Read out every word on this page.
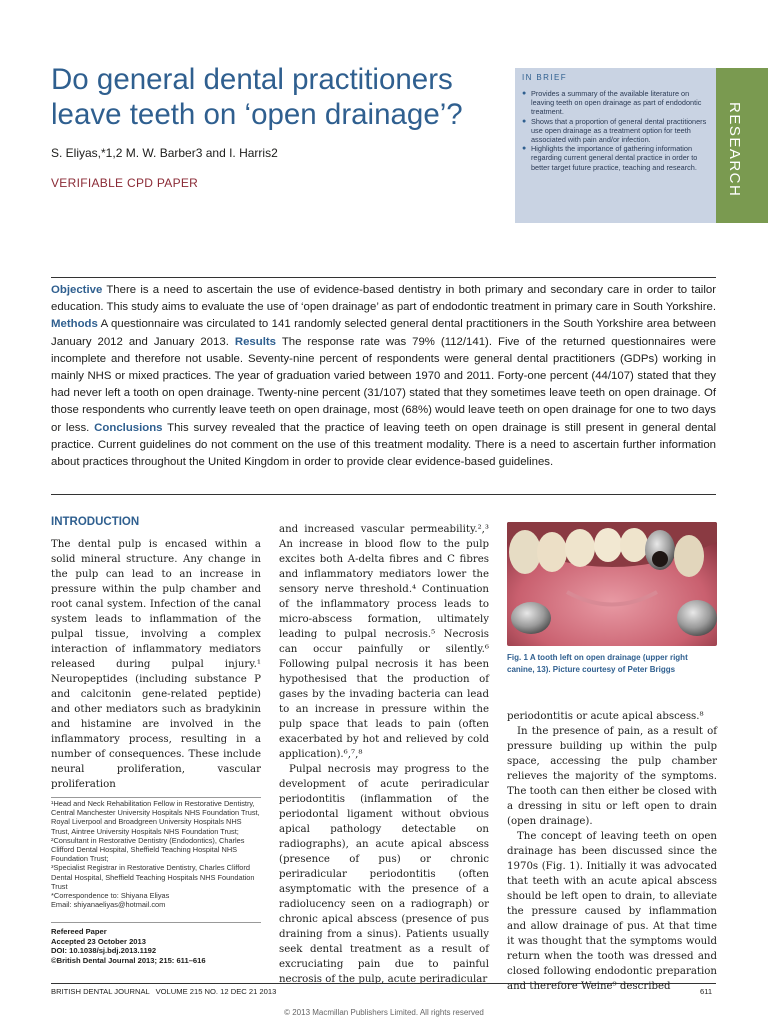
Do general dental practitioners leave teeth on ‘open drainage’?
S. Eliyas,*1,2 M. W. Barber3 and I. Harris2
VERIFIABLE CPD PAPER
IN BRIEF
● Provides a summary of the available literature on leaving teeth on open drainage as part of endodontic treatment.
● Shows that a proportion of general dental practitioners use open drainage as a treatment option for teeth associated with pain and/or infection.
● Highlights the importance of gathering information regarding current general dental practice in order to better target future practice, teaching and research.	RESEARCH
Objective There is a need to ascertain the use of evidence-based dentistry in both primary and secondary care in order to tailor education. This study aims to evaluate the use of ‘open drainage’ as part of endodontic treatment in primary care in South Yorkshire. Methods A questionnaire was circulated to 141 randomly selected general dental practitioners in the South Yorkshire area between January 2012 and January 2013. Results The response rate was 79% (112/141). Five of the returned questionnaires were incomplete and therefore not usable. Seventy-nine percent of respondents were general dental practitioners (GDPs) working in mainly NHS or mixed practices. The year of graduation varied between 1970 and 2011. Forty-one percent (44/107) stated that they had never left a tooth on open drainage. Twenty-nine percent (31/107) stated that they sometimes leave teeth on open drainage. Of those respondents who currently leave teeth on open drainage, most (68%) would leave teeth on open drainage for one to two days or less. Conclusions This survey revealed that the practice of leaving teeth on open drainage is still present in general dental practice. Current guidelines do not comment on the use of this treatment modality. There is a need to ascertain further information about practices throughout the United Kingdom in order to provide clear evidence-based guidelines.
INTRODUCTION

The dental pulp is encased within a solid mineral structure. Any change in the pulp can lead to an increase in pressure within the pulp chamber and root canal system. Infection of the canal system leads to inflammation of the pulpal tissue, involving a complex interaction of inflammatory mediators released during pulpal injury.¹ Neuropeptides (including substance P and calcitonin gene-related peptide) and other mediators such as bradykinin and histamine are involved in the inflammatory process, resulting in a number of consequences. These include neural proliferation, vascular proliferation

¹Head and Neck Rehabilitation Fellow in Restorative Dentistry, Central Manchester University Hospitals NHS Foundation Trust, Royal Liverpool and Broadgreen University Hospitals NHS Trust, Aintree University Hospitals NHS Foundation Trust; ²Consultant in Restorative Dentistry (Endodontics), Charles Clifford Dental Hospital, Sheffield Teaching Hospital NHS Foundation Trust;
³Specialist Registrar in Restorative Dentistry, Charles Clifford Dental Hospital, Sheffield Teaching Hospitals NHS Foundation Trust
*Correspondence to: Shiyana Eliyas
Email: shiyanaeliyas@hotmail.com
Refereed Paper
Accepted 23 October 2013
DOI: 10.1038/sj.bdj.2013.1192
©British Dental Journal 2013; 215: 611–616

and increased vascular permeability.²,³ An increase in blood flow to the pulp excites both A-delta fibres and C fibres and inflammatory mediators lower the sensory nerve threshold.⁴ Continuation of the inflammatory process leads to micro-abscess formation, ultimately leading to pulpal necrosis.⁵ Necrosis can occur painfully or silently.⁶ Following pulpal necrosis it has been hypothesised that the production of gases by the invading bacteria can lead to an increase in pressure within the pulp space that leads to pain (often exacerbated by hot and relieved by cold application).⁶,⁷,⁸

Pulpal necrosis may progress to the development of acute periradicular periodontitis (inflammation of the periodontal ligament without obvious apical pathology detectable on radiographs), an acute apical abscess (presence of pus) or chronic periradicular periodontitis (often asymptomatic with the presence of a radiolucency seen on a radiograph) or chronic apical abscess (presence of pus draining from a sinus). Patients usually seek dental treatment as a result of excruciating pain due to painful necrosis of the pulp, acute periradicular

Fig. 1 A tooth left on open drainage (upper right canine, 13). Picture courtesy of Peter Briggs

periodontitis or acute apical abscess.⁸

In the presence of pain, as a result of pressure building up within the pulp space, accessing the pulp chamber relieves the majority of the symptoms. The tooth can then either be closed with a dressing in situ or left open to drain (open drainage).

The concept of leaving teeth on open drainage has been discussed since the 1970s (Fig. 1). Initially it was advocated that teeth with an acute apical abscess should be left open to drain, to alleviate the pressure caused by inflammation and allow drainage of pus. At that time it was thought that the symptoms would return when the tooth was dressed and closed following endodontic preparation and therefore Weine⁹ described

BRITISH DENTAL JOURNAL VOLUME 215 NO. 12 DEC 21 2013	611
© 2013 Macmillan Publishers Limited. All rights reserved
